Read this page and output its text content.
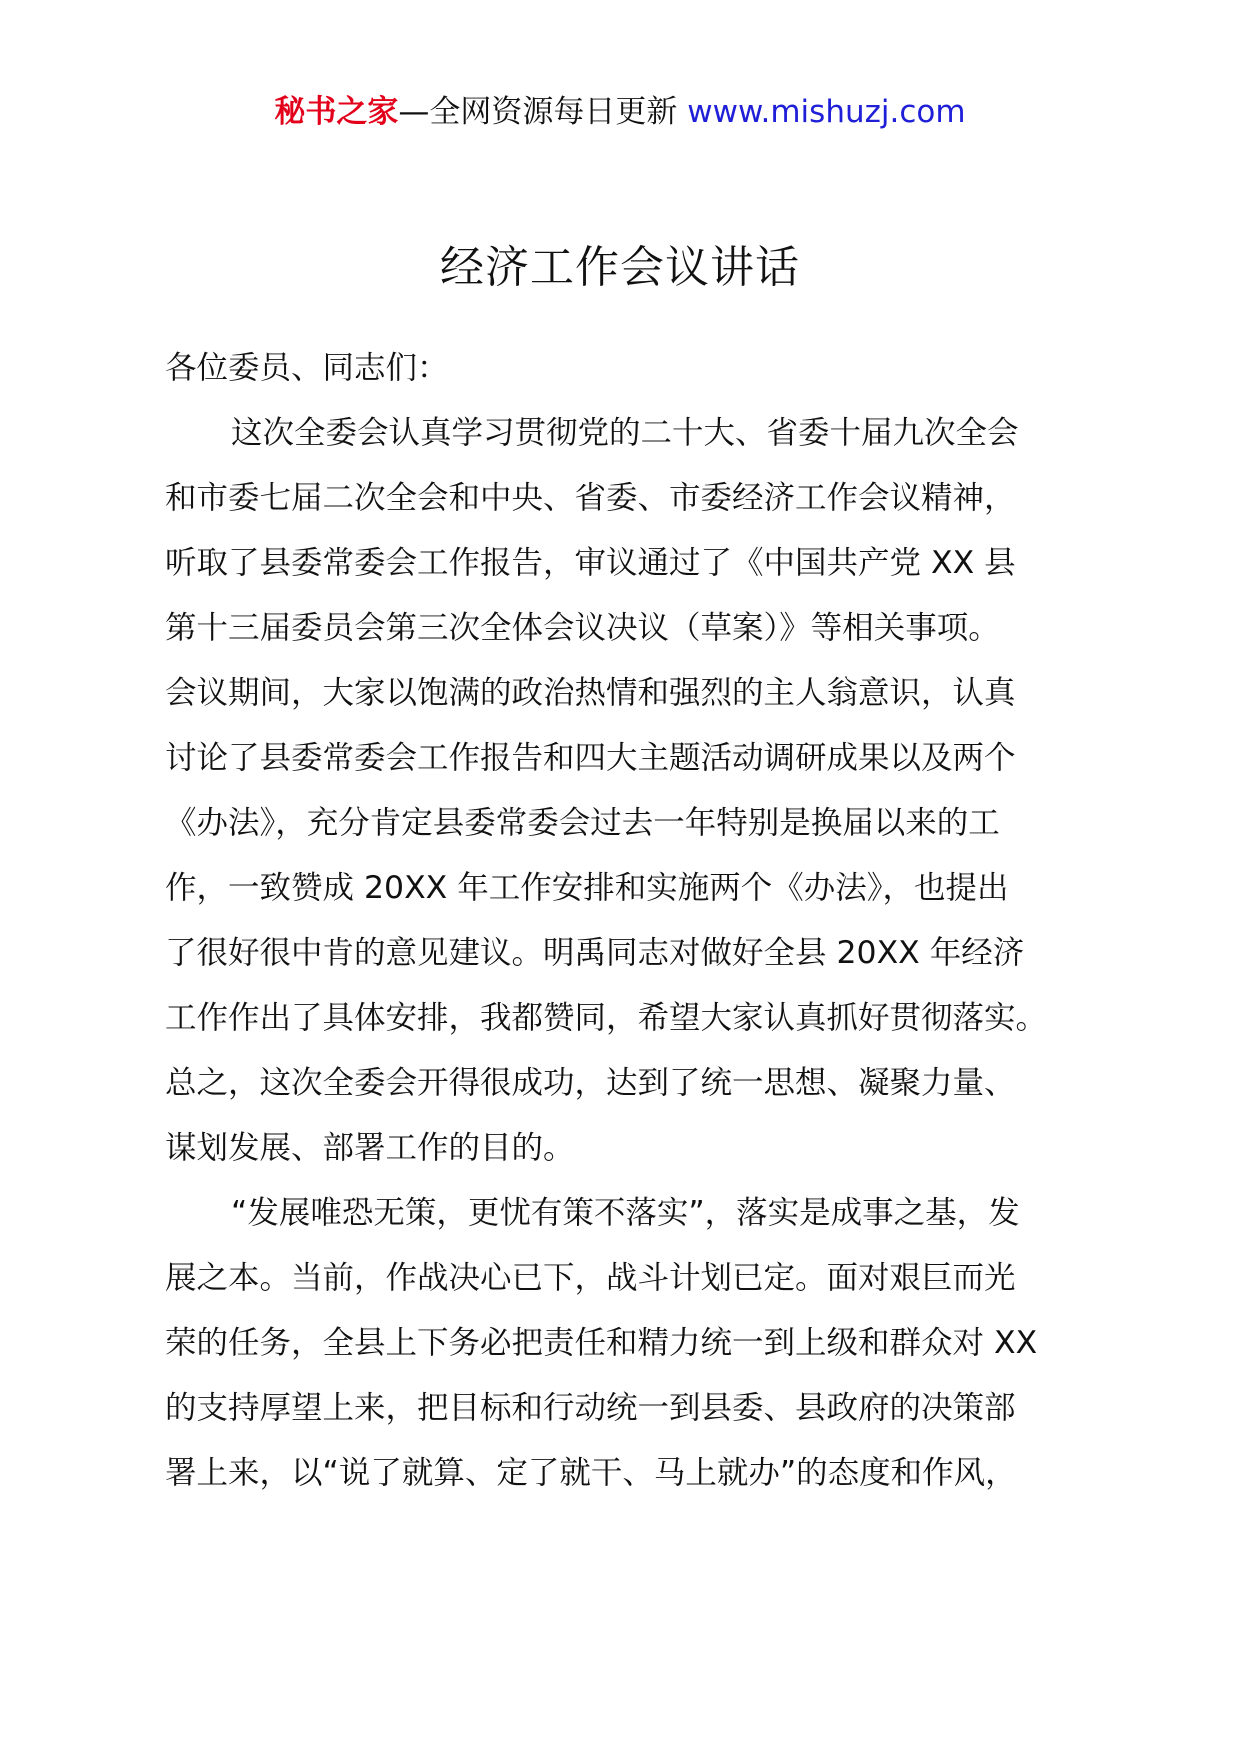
秘书之家—全网资源每日更新 www.mishuzj.com
经济工作会议讲话
各位委员、同志们：
这次全委会认真学习贯彻党的二十大、省委十届九次全会
和市委七届二次全会和中央、省委、市委经济工作会议精神，
听取了县委常委会工作报告，审议通过了《中国共产党 XX 县
第十三届委员会第三次全体会议决议（草案）》等相关事项。
会议期间，大家以饱满的政治热情和强烈的主人翁意识，认真
讨论了县委常委会工作报告和四大主题活动调研成果以及两个
《办法》，充分肯定县委常委会过去一年特别是换届以来的工
作，一致赞成 20XX 年工作安排和实施两个《办法》，也提出
了很好很中肯的意见建议。明禹同志对做好全县 20XX 年经济
工作作出了具体安排，我都赞同，希望大家认真抓好贯彻落实。
总之，这次全委会开得很成功，达到了统一思想、凝聚力量、
谋划发展、部署工作的目的。
“发展唯恐无策，更忧有策不落实”，落实是成事之基，发
展之本。当前，作战决心已下，战斗计划已定。面对艰巨而光
荣的任务，全县上下务必把责任和精力统一到上级和群众对 XX
的支持厚望上来，把目标和行动统一到县委、县政府的决策部
署上来，以“说了就算、定了就干、马上就办”的态度和作风，
